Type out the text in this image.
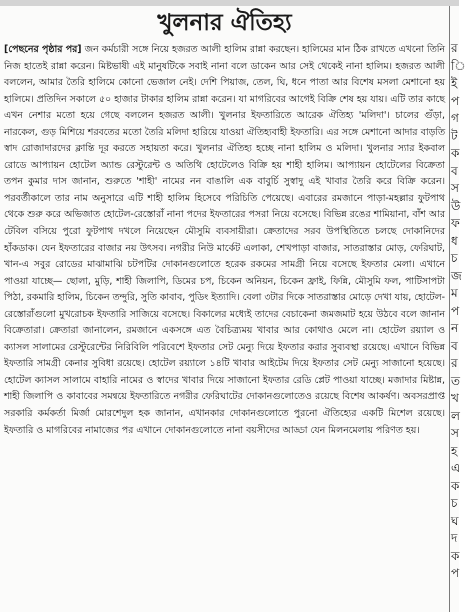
খুলনার ঐতিহ্য
[পেছনের পৃষ্ঠার পর] জন কর্মচারী সঙ্গে নিয়ে হজরত আলী হালিম রান্না করছেন। হালিমের মান ঠিক রাখতে এখনো তিনি নিজ হাতেই রান্না করেন। মিষ্টভাষী এই মানুষটিকে সবাই নানা বলে ডাকেন আর সেই থেকেই নানা হালিম। হজরত আলী বললেন, আমার তৈরি হালিমে কোনো ভেজাল নেই। দেশি পিয়াজ, তেল, ঘি, ধনে পাতা আর বিশেষ মসলা মেশানো হয় হালিমে। প্রতিদিন সকালে ৫০ হাজার টাকার হালিম রান্না করেন। যা মাগরিবের আগেই বিক্রি শেষ হয় যায়। এটি তার কাছে এখন নেশার মতো হয়ে গেছে বললেন হজরত আলী। খুলনার ইফতারিতে আরেক ঐতিহ্য 'মলিদা'। চালের গুঁড়া, নারকেল, গুড় মিশিয়ে শরবতের মতো তৈরি মলিদা হারিয়ে যাওয়া ঐতিহ্যবাহী ইফতারি। এর সঙ্গে মেশানো আদার বাড়তি স্বাদ রোজাদারদের ক্লান্তি দূর করতে সহায়তা করে। খুলনার ঐতিহ্য হচ্ছে নানা হালিম ও মলিদা। খুলনার স্যার ইকবাল রোডে আপ্যায়ন হোটেল অ্যান্ড রেস্টুরেন্ট ও অতিথি হোটেলেও বিক্রি হয় শাহী হালিম। আপ্যায়ন হোটেলের বিক্রেতা তপন কুমার দাস জানান, শুরুতে 'শাহী' নামের নন বাঙালি এক বাবুর্চি সুস্বাদু এই খাবার তৈরি করে বিক্রি করেন। পরবর্তীকালে তার নাম অনুসারে এটি শাহী হালিম হিসেবে পরিচিতি পেয়েছে। এবারের রমজানে পাড়া-মহল্লার ফুটপাথ থেকে শুরু করে অভিজাত হোটেল-রেস্তোরাঁ নানা পদের ইফতারের পসরা নিয়ে বসেছে। বিভিন্ন রঙের শামিয়ানা, বাঁশ আর টেবিল বসিয়ে পুরো ফুটপাথ দখলে নিয়েছেন মৌসুমি ব্যবসায়ীরা। ক্রেতাদের সরব উপস্থিতিতে চলছে দোকানিদের হাঁকডাক। যেন ইফতারের বাজার নয় উৎসব। নগরীর নিউ মার্কেট এলাকা, শেখপাড়া বাজার, সাতরাস্তার মোড়, ফেরিঘাট, খান-এ সবুর রোডের মাঝামাঝি চটপটির দোকানগুলোতে হরেক রকমের সামগ্রী নিয়ে বসেছে ইফতার মেলা। এখানে পাওয়া যাচ্ছে— ছোলা, মুড়ি, শাহী জিলাপি, ডিমের চপ, চিকেন অনিয়ন, চিকেন ফ্রাই, ফিন্নি, মৌসুমি ফল, পাটিসাপটা পিঠা, রকমারি হালিম, চিকেন তন্দুরি, সুতি কাবাব, পুডিং ইত্যাদি। বেলা ৩টার দিকে সাতরাস্তার মোড়ে দেখা যায়, হোটেল-রেস্তোরাঁগুলো মুখরোচক ইফতারি সাজিয়ে বসেছে। বিকালের মধ্যেই তাদের বেচাকেনা জমজমাট হয়ে উঠবে বলে জানান বিক্রেতারা। ক্রেতারা জানালেন, রমজানে একসঙ্গে এত বৈচিত্র্যময় খাবার আর কোথাও মেলে না। হোটেল রয়্যাল ও ক্যাসল সালামের রেস্টুরেন্টের নিরিবিলি পরিবেশে ইফতার সেট মেন্যু দিয়ে ইফতার করার সুব্যবস্থা রয়েছে। এখানে বিভিন্ন ইফতারি সামগ্রী কেনার সুবিধা রয়েছে। হোটেল রয়্যালে ১৪টি খাবার আইটেম দিয়ে ইফতার সেট মেন্যু সাজানো হয়েছে। হোটেল ক্যাসল সালামে বাহারি নামের ও স্বাদের খাবার দিয়ে সাজানো ইফতার রেডি প্লেট পাওয়া যাচ্ছে। মজাদার মিষ্টান্ন, শাহী জিলাপি ও কাবাবের সমন্বয়ে ইফতারিতে নগরীর ফেরিঘাটের দোকানগুলোতেও রয়েছে বিশেষ আকর্ষণ। অবসরপ্রাপ্ত সরকারি কর্মকর্তা মির্জা মোরশেদুল হক জানান, এখানকার দোকানগুলোতে পুরনো ঐতিহ্যের একটি মিশেল রয়েছে। ইফতারি ও মাগরিবের নামাজের পর এখানে দোকানগুলোতে নানা বয়সীদের আড্ডা যেন মিলনমেলায় পরিণত হয়।
র
ি
ই
প
গ
ট
ক
ব
স
উ
ফ
ধ
চ
জ
ম
প
ন
ব
র
ত
খ
ল
স
হ
এ
ক
চ
ঘ
দ
ক
প
